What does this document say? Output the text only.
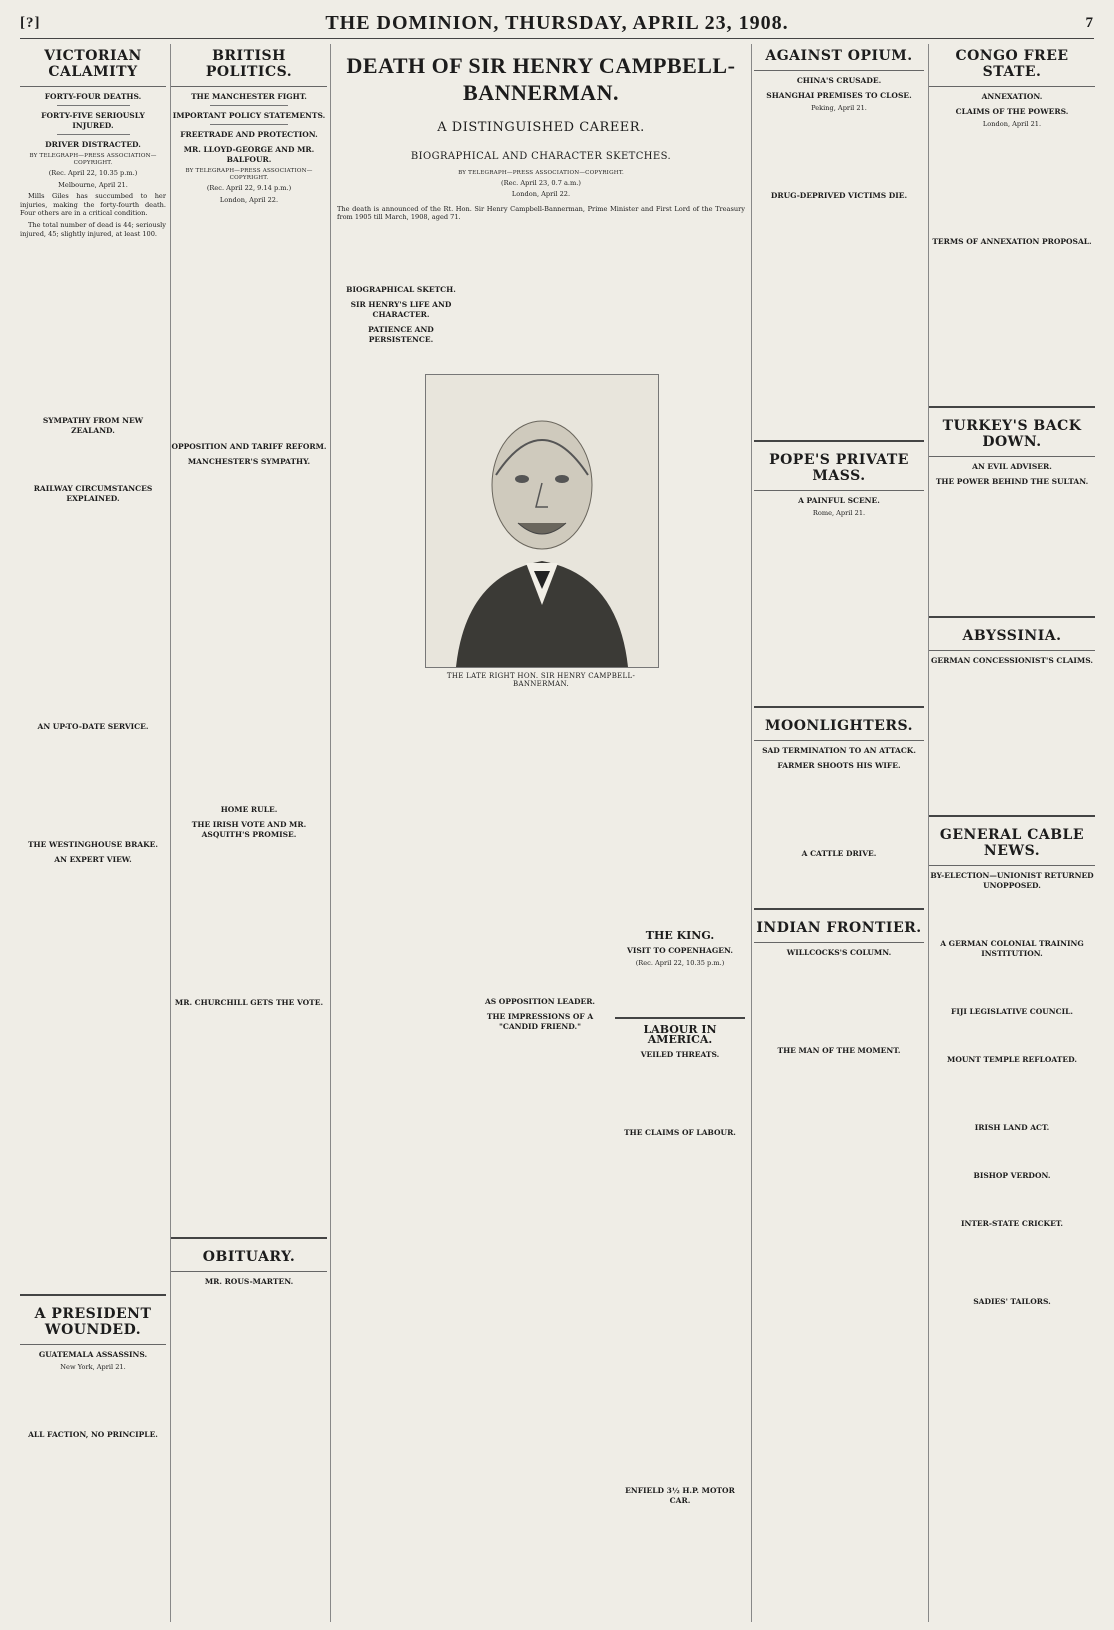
[?]	THE DOMINION, THURSDAY, APRIL 23, 1908.	7
VICTORIAN CALAMITY
FORTY-FOUR DEATHS.
FORTY-FIVE SERIOUSLY INJURED.
DRIVER DISTRACTED.
BY TELEGRAPH—PRESS ASSOCIATION—COPYRIGHT.
(Rec. April 22, 10.35 p.m.)
Melbourne, April 21.

Mills Giles has succumbed to her injuries, making the forty-fourth death. Four others are in a critical condition.

The total number of dead is 44; seriously injured, 45; slightly injured, at least 100.

SYMPATHY FROM NEW ZEALAND.
RAILWAY CIRCUMSTANCES EXPLAINED.
AN UP-TO-DATE SERVICE.
THE WESTINGHOUSE BRAKE.
AN EXPERT VIEW.
A PRESIDENT WOUNDED.
GUATEMALA ASSASSINS.
New York, April 21.
ALL FACTION, NO PRINCIPLE.
BRITISH POLITICS.
THE MANCHESTER FIGHT.
IMPORTANT POLICY STATEMENTS.
FREETRADE AND PROTECTION.
MR. LLOYD-GEORGE AND MR. BALFOUR.
BY TELEGRAPH—PRESS ASSOCIATION—COPYRIGHT.
(Rec. April 22, 9.14 p.m.)
London, April 22.
OPPOSITION AND TARIFF REFORM.
MANCHESTER'S SYMPATHY.
HOME RULE.
THE IRISH VOTE AND MR. ASQUITH'S PROMISE.
MR. CHURCHILL GETS THE VOTE.
OBITUARY.
MR. ROUS-MARTEN.
DEATH OF SIR HENRY CAMPBELL-BANNERMAN.
A DISTINGUISHED CAREER.
BIOGRAPHICAL AND CHARACTER SKETCHES.
BY TELEGRAPH—PRESS ASSOCIATION—COPYRIGHT.
(Rec. April 23, 0.7 a.m.)
London, April 22.

The death is announced of the Rt. Hon. Sir Henry Campbell-Bannerman, Prime Minister and First Lord of the Treasury from 1905 till March, 1908, aged 71.

BIOGRAPHICAL SKETCH.
SIR HENRY'S LIFE AND CHARACTER.
PATIENCE AND PERSISTENCE.
THE LATE RIGHT HON. SIR HENRY CAMPBELL-BANNERMAN.
AS OPPOSITION LEADER.
THE IMPRESSIONS OF A "CANDID FRIEND."
THE KING.
VISIT TO COPENHAGEN.
(Rec. April 22, 10.35 p.m.)
LABOUR IN AMERICA.
VEILED THREATS.
THE CLAIMS OF LABOUR.
ENFIELD 3½ H.P. MOTOR CAR.
AGAINST OPIUM.
CHINA'S CRUSADE.
SHANGHAI PREMISES TO CLOSE.
Peking, April 21.
DRUG-DEPRIVED VICTIMS DIE.
POPE'S PRIVATE MASS.
A PAINFUL SCENE.
Rome, April 21.
MOONLIGHTERS.
SAD TERMINATION TO AN ATTACK.
FARMER SHOOTS HIS WIFE.
A CATTLE DRIVE.
INDIAN FRONTIER.
WILLCOCKS'S COLUMN.
THE MAN OF THE MOMENT.
CONGO FREE STATE.
ANNEXATION.
CLAIMS OF THE POWERS.
London, April 21.
TERMS OF ANNEXATION PROPOSAL.
TURKEY'S BACK DOWN.
AN EVIL ADVISER.
THE POWER BEHIND THE SULTAN.
ABYSSINIA.
GERMAN CONCESSIONIST'S CLAIMS.
GENERAL CABLE NEWS.
BY-ELECTION—UNIONIST RETURNED UNOPPOSED.
A GERMAN COLONIAL TRAINING INSTITUTION.
FIJI LEGISLATIVE COUNCIL.
MOUNT TEMPLE REFLOATED.
IRISH LAND ACT.
BISHOP VERDON.
INTER-STATE CRICKET.
SADIES' TAILORS.
